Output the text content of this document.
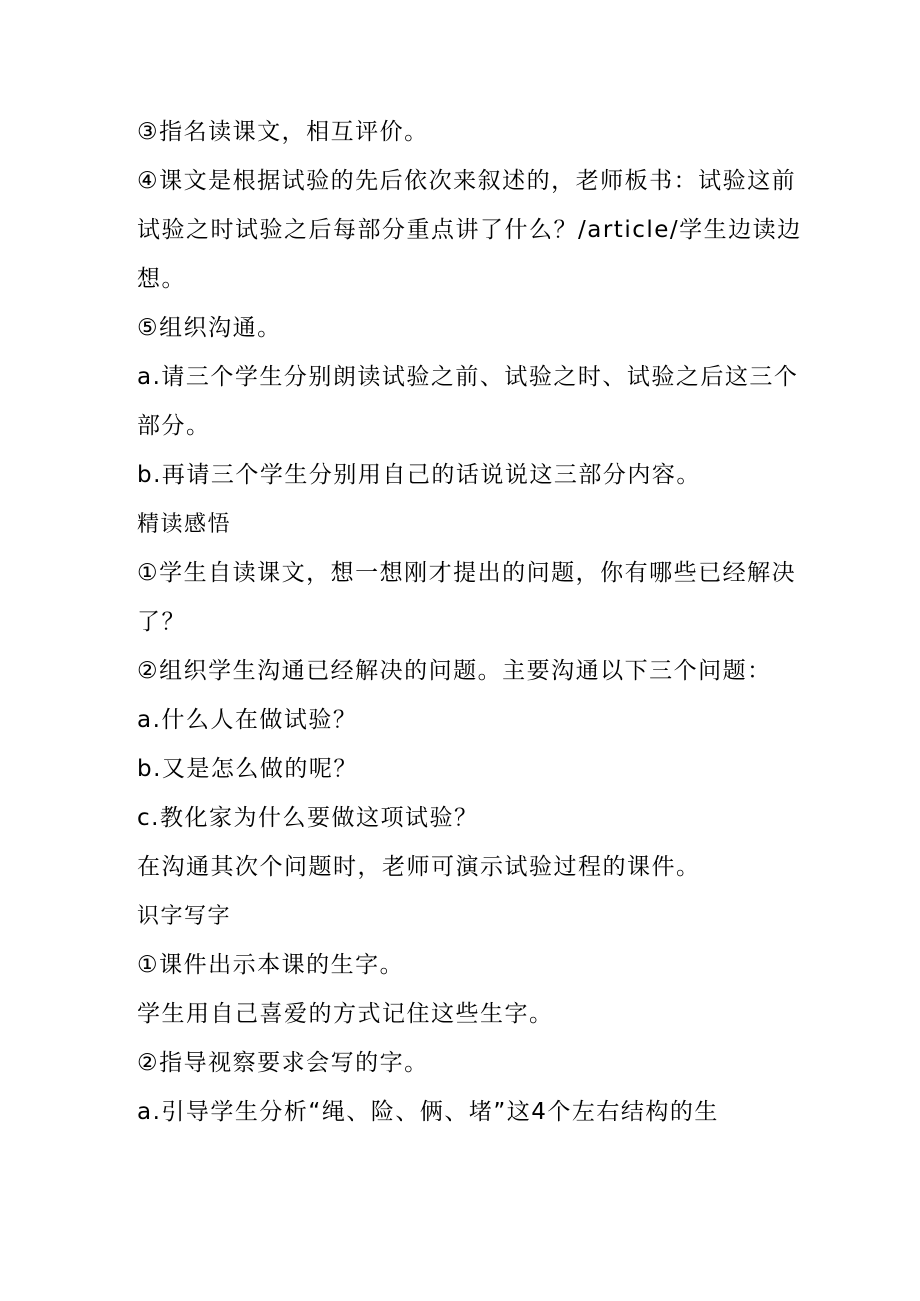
③指名读课文，相互评价。
④课文是根据试验的先后依次来叙述的，老师板书：试验这前
试验之时试验之后每部分重点讲了什么？/article/学生边读边
想。
⑤组织沟通。
a.请三个学生分别朗读试验之前、试验之时、试验之后这三个
部分。
b.再请三个学生分别用自己的话说说这三部分内容。
精读感悟
①学生自读课文，想一想刚才提出的问题，你有哪些已经解决
了？
②组织学生沟通已经解决的问题。主要沟通以下三个问题：
a.什么人在做试验？
b.又是怎么做的呢？
c.教化家为什么要做这项试验？
在沟通其次个问题时，老师可演示试验过程的课件。
识字写字
①课件出示本课的生字。
学生用自己喜爱的方式记住这些生字。
②指导视察要求会写的字。
a.引导学生分析“绳、险、俩、堵”这4个左右结构的生
